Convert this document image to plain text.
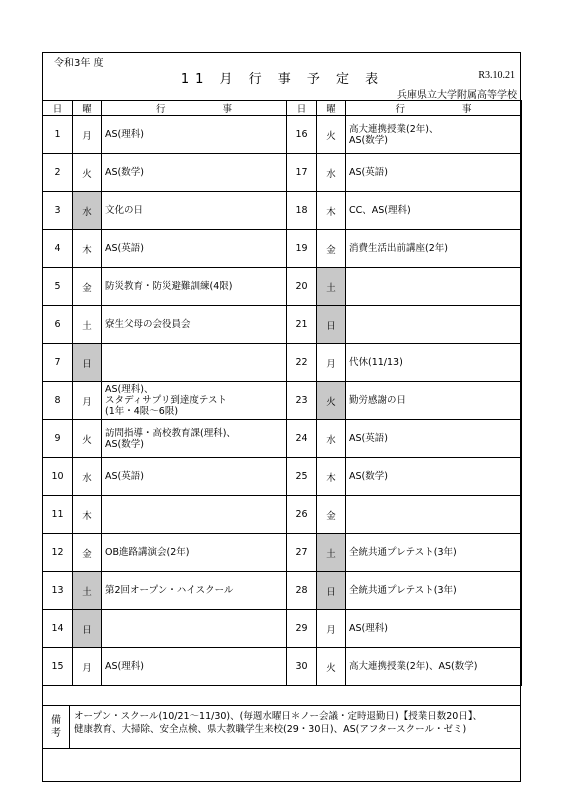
令和3年 度
11 月 行 事 予 定 表	R3.10.21
兵庫県立大学附属高等学校
日	曜	行　　　　　　事	日	曜	行　　　　　　事
1	月	AS(理科)	16	火	高大連携授業(2年)、
AS(数学)
2	火	AS(数学)	17	水	AS(英語)
3	水	文化の日	18	木	CC、AS(理科)
4	木	AS(英語)	19	金	消費生活出前講座(2年)
5	金	防災教育・防災避難訓練(4限)	20	土	
6	土	寮生父母の会役員会	21	日	
7	日		22	月	代休(11/13)
8	月	AS(理科)、
スタディサプリ到達度テスト
(1年・4限～6限)	23	火	勤労感謝の日
9	火	訪問指導・高校教育課(理科)、
AS(数学)	24	水	AS(英語)
10	水	AS(英語)	25	木	AS(数学)
11	木		26	金	
12	金	OB進路講演会(2年)	27	土	全統共通プレテスト(3年)
13	土	第2回オープン・ハイスクール	28	日	全統共通プレテスト(3年)
14	日		29	月	AS(理科)
15	月	AS(理科)	30	火	高大連携授業(2年)、AS(数学)
備
考
オープン・スクール(10/21～11/30)、(毎週水曜日＊ノー会議・定時退勤日)【授業日数20日】、
健康教育、大掃除、安全点検、県大教職学生来校(29・30日)、AS(アフタースクール・ゼミ)
